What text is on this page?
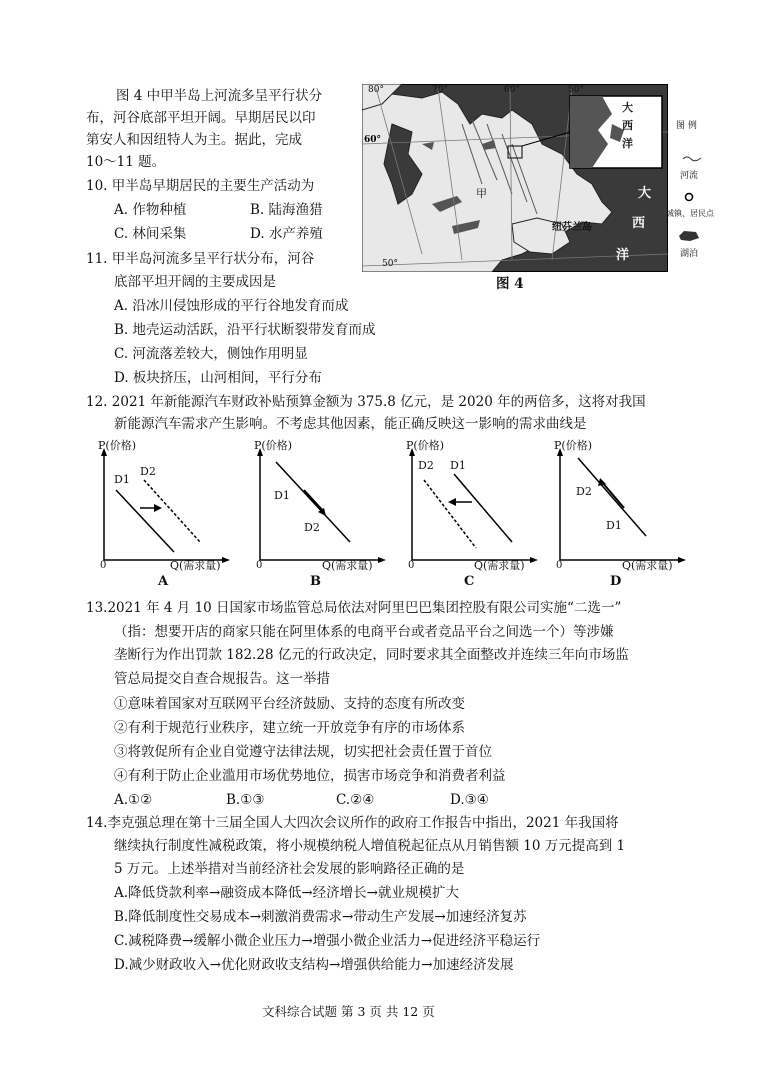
图 4 中甲半岛上河流多呈平行状分
布，河谷底部平坦开阔。早期居民以印
第安人和因纽特人为主。据此，完成
10～11 题。
10. 甲半岛早期居民的主要生产活动为
A. 作物种植	B. 陆海渔猎
C. 林间采集	D. 水产养殖
11. 甲半岛河流多呈平行状分布，河谷
底部平坦开阔的主要成因是
A. 沿冰川侵蚀形成的平行谷地发育而成
B. 地壳运动活跃，沿平行状断裂带发育而成
C. 河流落差较大，侧蚀作用明显
D. 板块挤压，山河相间，平行分布
80°	70°	60°	50°
60°
50°
甲
纽芬兰岛
大
西
洋
大
西
洋
图 4
图 例
河流
城镇、居民点
湖泊
12. 2021 年新能源汽车财政补贴预算金额为 375.8 亿元，是 2020 年的两倍多，这将对我国
新能源汽车需求产生影响。不考虑其他因素，能正确反映这一影响的需求曲线是
P(价格)
D1
D2
0	Q(需求量)
A
P(价格)
D1
D2
0	Q(需求量)
B
P(价格)
D2 D1
0	Q(需求量)
C
P(价格)
D2
D1
0	Q(需求量)
D
13.2021 年 4 月 10 日国家市场监管总局依法对阿里巴巴集团控股有限公司实施“二选一”
（指：想要开店的商家只能在阿里体系的电商平台或者竞品平台之间选一个）等涉嫌
垄断行为作出罚款 182.28 亿元的行政决定，同时要求其全面整改并连续三年向市场监
管总局提交自查合规报告。这一举措
①意味着国家对互联网平台经济鼓励、支持的态度有所改变
②有利于规范行业秩序，建立统一开放竞争有序的市场体系
③将敦促所有企业自觉遵守法律法规，切实把社会责任置于首位
④有利于防止企业滥用市场优势地位，损害市场竞争和消费者利益
A.①②	B.①③	C.②④	D.③④
14.李克强总理在第十三届全国人大四次会议所作的政府工作报告中指出，2021 年我国将
继续执行制度性减税政策，将小规模纳税人增值税起征点从月销售额 10 万元提高到 1
5 万元。上述举措对当前经济社会发展的影响路径正确的是
A.降低贷款利率→融资成本降低→经济增长→就业规模扩大
B.降低制度性交易成本→刺激消费需求→带动生产发展→加速经济复苏
C.减税降费→缓解小微企业压力→增强小微企业活力→促进经济平稳运行
D.减少财政收入→优化财政收支结构→增强供给能力→加速经济发展
文科综合试题 第 3 页 共 12 页
